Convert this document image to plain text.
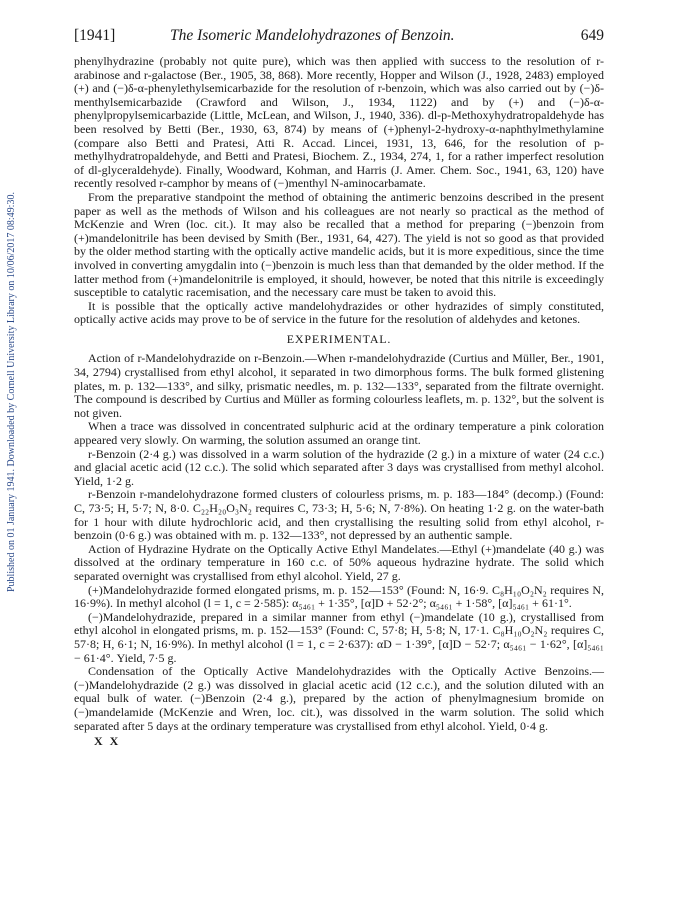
[1941]	The Isomeric Mandelohydrazones of Benzoin.	649
Published on 01 January 1941. Downloaded by Cornell University Library on 10/06/2017 08:49:30.

phenylhydrazine (probably not quite pure), which was then applied with success to the resolution of r-arabinose and r-galactose (Ber., 1905, 38, 868). More recently, Hopper and Wilson (J., 1928, 2483) employed (+) and (−)δ-α-phenylethylsemicarbazide for the resolution of r-benzoin, which was also carried out by (−)δ-menthylsemicarbazide (Crawford and Wilson, J., 1934, 1122) and by (+) and (−)δ-α-phenylpropylsemicarbazide (Little, McLean, and Wilson, J., 1940, 336). dl-p-Methoxyhydratropaldehyde has been resolved by Betti (Ber., 1930, 63, 874) by means of (+)phenyl-2-hydroxy-α-naphthylmethylamine (compare also Betti and Pratesi, Atti R. Accad. Lincei, 1931, 13, 646, for the resolution of p-methylhydratropaldehyde, and Betti and Pratesi, Biochem. Z., 1934, 274, 1, for a rather imperfect resolution of dl-glyceraldehyde). Finally, Woodward, Kohman, and Harris (J. Amer. Chem. Soc., 1941, 63, 120) have recently resolved r-camphor by means of (−)menthyl N-aminocarbamate.

From the preparative standpoint the method of obtaining the antimeric benzoins described in the present paper as well as the methods of Wilson and his colleagues are not nearly so practical as the method of McKenzie and Wren (loc. cit.). It may also be recalled that a method for preparing (−)benzoin from (+)mandelonitrile has been devised by Smith (Ber., 1931, 64, 427). The yield is not so good as that provided by the older method starting with the optically active mandelic acids, but it is more expeditious, since the time involved in converting amygdalin into (−)benzoin is much less than that demanded by the older method. If the latter method from (+)mandelonitrile is employed, it should, however, be noted that this nitrile is exceedingly susceptible to catalytic racemisation, and the necessary care must be taken to avoid this.

It is possible that the optically active mandelohydrazides or other hydrazides of simply constituted, optically active acids may prove to be of service in the future for the resolution of aldehydes and ketones.

EXPERIMENTAL.

Action of r-Mandelohydrazide on r-Benzoin.—When r-mandelohydrazide (Curtius and Müller, Ber., 1901, 34, 2794) crystallised from ethyl alcohol, it separated in two dimorphous forms. The bulk formed glistening plates, m. p. 132—133°, and silky, prismatic needles, m. p. 132—133°, separated from the filtrate overnight. The compound is described by Curtius and Müller as forming colourless leaflets, m. p. 132°, but the solvent is not given.

When a trace was dissolved in concentrated sulphuric acid at the ordinary temperature a pink coloration appeared very slowly. On warming, the solution assumed an orange tint.

r-Benzoin (2·4 g.) was dissolved in a warm solution of the hydrazide (2 g.) in a mixture of water (24 c.c.) and glacial acetic acid (12 c.c.). The solid which separated after 3 days was crystallised from methyl alcohol. Yield, 1·2 g.

r-Benzoin r-mandelohydrazone formed clusters of colourless prisms, m. p. 183—184° (decomp.) (Found: C, 73·5; H, 5·7; N, 8·0. C₂₂H₂₀O₃N₂ requires C, 73·3; H, 5·6; N, 7·8%). On heating 1·2 g. on the water-bath for 1 hour with dilute hydrochloric acid, and then crystallising the resulting solid from ethyl alcohol, r-benzoin (0·6 g.) was obtained with m. p. 132—133°, not depressed by an authentic sample.

Action of Hydrazine Hydrate on the Optically Active Ethyl Mandelates.—Ethyl (+)mandelate (40 g.) was dissolved at the ordinary temperature in 160 c.c. of 50% aqueous hydrazine hydrate. The solid which separated overnight was crystallised from ethyl alcohol. Yield, 27 g.

(+)Mandelohydrazide formed elongated prisms, m. p. 152—153° (Found: N, 16·9. C₈H₁₀O₂N₂ requires N, 16·9%). In methyl alcohol (l = 1, c = 2·585): α₅₄₆₁ + 1·35°, [α]D + 52·2°; α₅₄₆₁ + 1·58°, [α]₅₄₆₁ + 61·1°.

(−)Mandelohydrazide, prepared in a similar manner from ethyl (−)mandelate (10 g.), crystallised from ethyl alcohol in elongated prisms, m. p. 152—153° (Found: C, 57·8; H, 5·8; N, 17·1. C₈H₁₀O₂N₂ requires C, 57·8; H, 6·1; N, 16·9%). In methyl alcohol (l = 1, c = 2·637): αD − 1·39°, [α]D − 52·7; α₅₄₆₁ − 1·62°, [α]₅₄₆₁ − 61·4°. Yield, 7·5 g.

Condensation of the Optically Active Mandelohydrazides with the Optically Active Benzoins.—(−)Mandelohydrazide (2 g.) was dissolved in glacial acetic acid (12 c.c.), and the solution diluted with an equal bulk of water. (−)Benzoin (2·4 g.), prepared by the action of phenylmagnesium bromide on (−)mandelamide (McKenzie and Wren, loc. cit.), was dissolved in the warm solution. The solid which separated after 5 days at the ordinary temperature was crystallised from ethyl alcohol. Yield, 0·4 g.

X X
